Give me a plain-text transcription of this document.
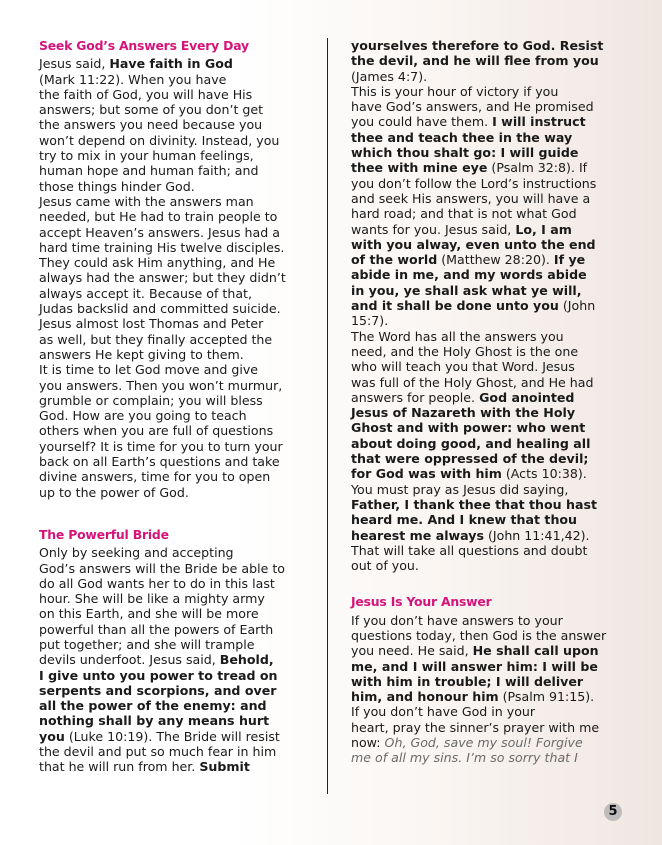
Seek God’s Answers Every Day
Jesus said, Have faith in God
(Mark 11:22). When you have
the faith of God, you will have His
answers; but some of you don’t get
the answers you need because you
won’t depend on divinity. Instead, you
try to mix in your human feelings,
human hope and human faith; and
those things hinder God.
Jesus came with the answers man
needed, but He had to train people to
accept Heaven’s answers. Jesus had a
hard time training His twelve disciples.
They could ask Him anything, and He
always had the answer; but they didn’t
always accept it. Because of that,
Judas backslid and committed suicide.
Jesus almost lost Thomas and Peter
as well, but they finally accepted the
answers He kept giving to them.
It is time to let God move and give
you answers. Then you won’t murmur,
grumble or complain; you will bless
God. How are you going to teach
others when you are full of questions
yourself? It is time for you to turn your
back on all Earth’s questions and take
divine answers, time for you to open
up to the power of God.
The Powerful Bride
Only by seeking and accepting
God’s answers will the Bride be able to
do all God wants her to do in this last
hour. She will be like a mighty army
on this Earth, and she will be more
powerful than all the powers of Earth
put together; and she will trample
devils underfoot. Jesus said, Behold,
I give unto you power to tread on
serpents and scorpions, and over
all the power of the enemy: and
nothing shall by any means hurt
you (Luke 10:19). The Bride will resist
the devil and put so much fear in him
that he will run from her. Submit
yourselves therefore to God. Resist
the devil, and he will flee from you
(James 4:7).
This is your hour of victory if you
have God’s answers, and He promised
you could have them. I will instruct
thee and teach thee in the way
which thou shalt go: I will guide
thee with mine eye (Psalm 32:8). If
you don’t follow the Lord’s instructions
and seek His answers, you will have a
hard road; and that is not what God
wants for you. Jesus said, Lo, I am
with you alway, even unto the end
of the world (Matthew 28:20). If ye
abide in me, and my words abide
in you, ye shall ask what ye will,
and it shall be done unto you (John
15:7).
The Word has all the answers you
need, and the Holy Ghost is the one
who will teach you that Word. Jesus
was full of the Holy Ghost, and He had
answers for people. God anointed
Jesus of Nazareth with the Holy
Ghost and with power: who went
about doing good, and healing all
that were oppressed of the devil;
for God was with him (Acts 10:38).
You must pray as Jesus did saying,
Father, I thank thee that thou hast
heard me. And I knew that thou
hearest me always (John 11:41,42).
That will take all questions and doubt
out of you.
Jesus Is Your Answer
If you don’t have answers to your
questions today, then God is the answer
you need. He said, He shall call upon
me, and I will answer him: I will be
with him in trouble; I will deliver
him, and honour him (Psalm 91:15).
If you don’t have God in your
heart, pray the sinner’s prayer with me
now: Oh, God, save my soul! Forgive
me of all my sins. I’m so sorry that I
5
